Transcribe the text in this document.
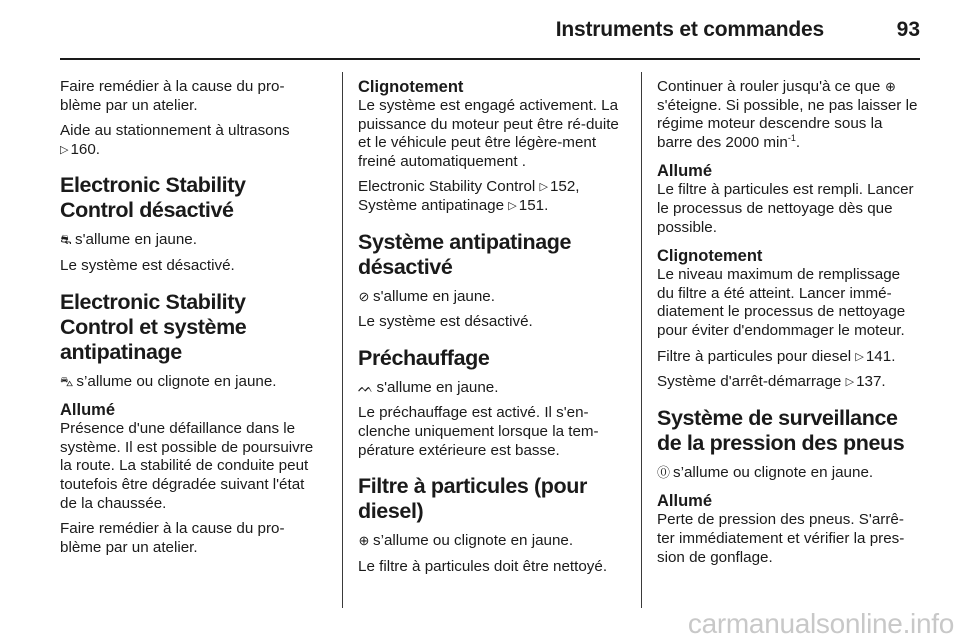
Instruments et commandes	93

Faire remédier à la cause du pro-blème par un atelier.

Aide au stationnement à ultrasons
▷ 160.

Electronic Stability Control désactivé

⛐ s'allume en jaune.

Le système est désactivé.

Electronic Stability Control et système antipatinage

⛍ s’allume ou clignote en jaune.

Allumé

Présence d'une défaillance dans le système. Il est possible de poursuivre la route. La stabilité de conduite peut toutefois être dégradée suivant l'état de la chaussée.

Faire remédier à la cause du pro-blème par un atelier.

Clignotement

Le système est engagé activement. La puissance du moteur peut être ré-duite et le véhicule peut être légère-ment freiné automatiquement .

Electronic Stability Control ▷ 152,
Système antipatinage ▷ 151.

Système antipatinage désactivé

⊘ s'allume en jaune.

Le système est désactivé.

Préchauffage

ᨓ s'allume en jaune.

Le préchauffage est activé. Il s'en-clenche uniquement lorsque la tem-pérature extérieure est basse.

Filtre à particules (pour diesel)

⊕ s’allume ou clignote en jaune.

Le filtre à particules doit être nettoyé.

Continuer à rouler jusqu'à ce que ⊕s'éteigne. Si possible, ne pas laisser le régime moteur descendre sous la barre des 2000 $\min^{-1}$.

Allumé

Le filtre à particules est rempli. Lancer le processus de nettoyage dès que possible.

Clignotement

Le niveau maximum de remplissage du filtre a été atteint. Lancer immé-diatement le processus de nettoyage pour éviter d'endommager le moteur.

Filtre à particules pour diesel ▷ 141.

Système d'arrêt-démarrage ▷ 137.

Système de surveillance de la pression des pneus

⓪ s’allume ou clignote en jaune.

Allumé

Perte de pression des pneus. S'arrê-ter immédiatement et vérifier la pres-sion de gonflage.

carmanualsonline.info
